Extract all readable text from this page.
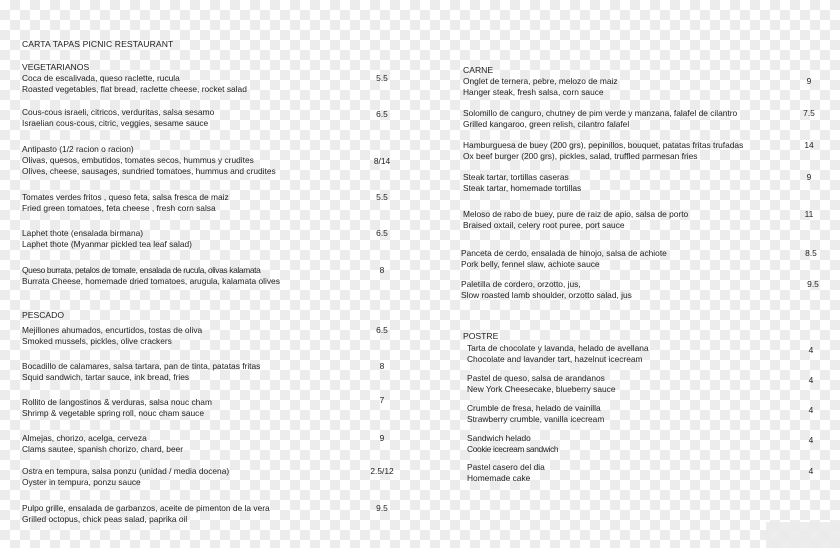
CARTA TAPAS PICNIC RESTAURANT
VEGETARIANOS
Coca de escalivada, queso raclette, rucula
Roasted vegetables, flat bread, raclette cheese, rocket salad
5.5
Cous-cous israeli, citricos, verduritas, salsa sesamo
Israelian cous-cous, citric, veggies, sesame sauce
6.5
Antipasto (1/2 racion o racion)
Olivas, quesos, embutidos, tomates secos, hummus y crudites
Olives, cheese, sausages, sundried tomatoes, hummus and crudites
8/14
Tomates verdes fritos , queso feta, salsa fresca de maiz
Fried green tomatoes, feta cheese , fresh corn salsa
5.5
Laphet thote (ensalada birmana)
Laphet thote (Myanmar pickled tea leaf salad)
6.5
Queso burrata, petalos de tomate, ensalada de rucula, olivas kalamata
Burrata Cheese, homemade dried tomatoes, arugula, kalamata olives
8
PESCADO
Mejillones ahumados, encurtidos, tostas de oliva
Smoked mussels, pickles, olive crackers
6.5
Bocadillo de calamares, salsa tartara, pan de tinta, patatas fritas
Squid sandwich, tartar sauce, ink bread, fries
8
Rollito de langostinos & verduras, salsa nouc cham
Shrimp & vegetable spring roll, nouc cham sauce
7
Almejas, chorizo, acelga, cerveza
Clams sautee, spanish chorizo, chard, beer
9
Ostra en tempura, salsa ponzu (unidad / media docena)
Oyster in tempura, ponzu sauce
2.5/12
Pulpo grille, ensalada de garbanzos, aceite de pimenton de la vera
Grilled octopus, chick peas salad, paprika oil
9.5
CARNE
Onglet de ternera, pebre, melozo de maiz
Hanger steak, fresh salsa, corn sauce
9
Solomillo de canguro, chutney de pim verde y manzana, falafel de cilantro
Grilled kangaroo, green relish, cilantro falafel
7.5
Hamburguesa de buey (200 grs), pepinillos, bouquet, patatas fritas trufadas
Ox beef burger (200 grs), pickles, salad, truffled parmesan fries
14
Steak tartar, tortillas caseras
Steak tartar, homemade tortillas
9
Meloso de rabo de buey, pure de raiz de apio, salsa de porto
Braised oxtail, celery root puree, port sauce
11
Panceta de cerdo, ensalada de hinojo, salsa de achiote
Pork belly, fennel slaw, achiote sauce
8.5
Paletilla de cordero, orzotto, jus,
Slow roasted lamb shoulder, orzotto salad, jus
9.5
POSTRE
Tarta de chocolate y lavanda, helado de avellana
Chocolate and lavander tart, hazelnut icecream
4
Pastel de queso, salsa de arandanos
New York Cheesecake, blueberry sauce
4
Crumble de fresa, helado de vainilla
Strawberry crumble, vanilla icecream
4
Sandwich helado
Cookie icecream sandwich
4
Pastel casero del dia
Homemade cake
4
